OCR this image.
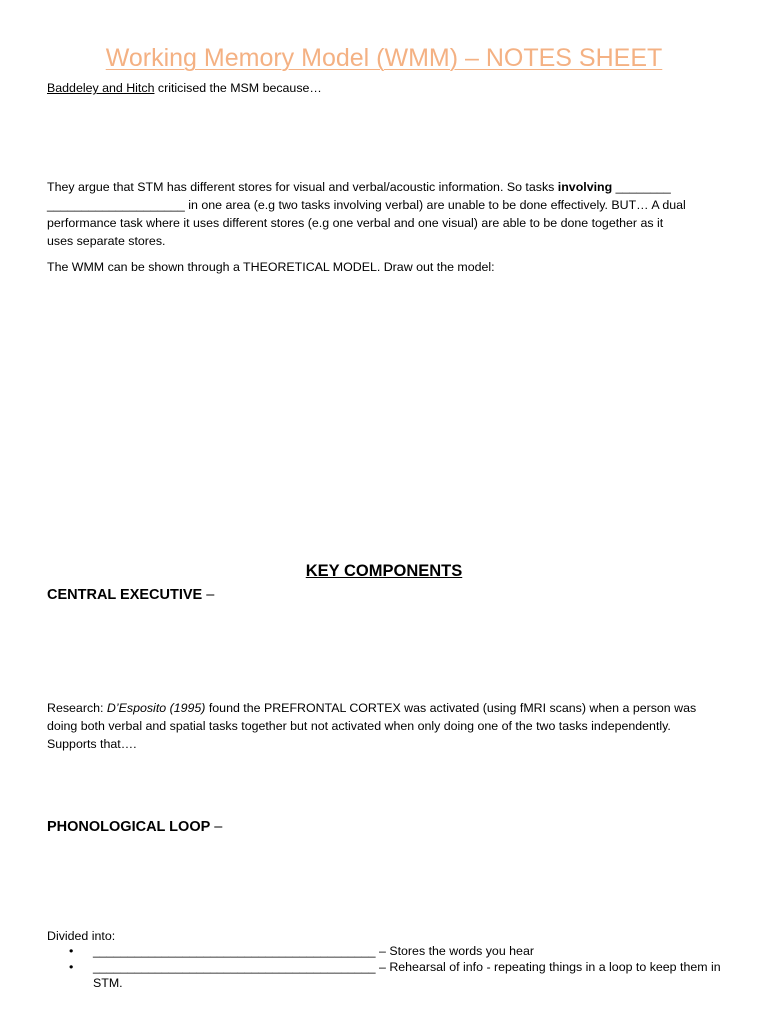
Working Memory Model (WMM) – NOTES SHEET
Baddeley and Hitch criticised the MSM because…
They argue that STM has different stores for visual and verbal/acoustic information. So tasks involving ________
____________________ in one area (e.g two tasks involving verbal) are unable to be done effectively. BUT… A dual
performance task where it uses different stores (e.g one verbal and one visual) are able to be done together as it
uses separate stores.
The WMM can be shown through a THEORETICAL MODEL. Draw out the model:
KEY COMPONENTS
CENTRAL EXECUTIVE –
Research: D’Esposito (1995) found the PREFRONTAL CORTEX was activated (using fMRI scans) when a person was
doing both verbal and spatial tasks together but not activated when only doing one of the two tasks independently.
Supports that….
PHONOLOGICAL LOOP –
Divided into:
• _________________________________________ – Stores the words you hear
• _________________________________________ – Rehearsal of info - repeating things in a loop to keep them in STM.
